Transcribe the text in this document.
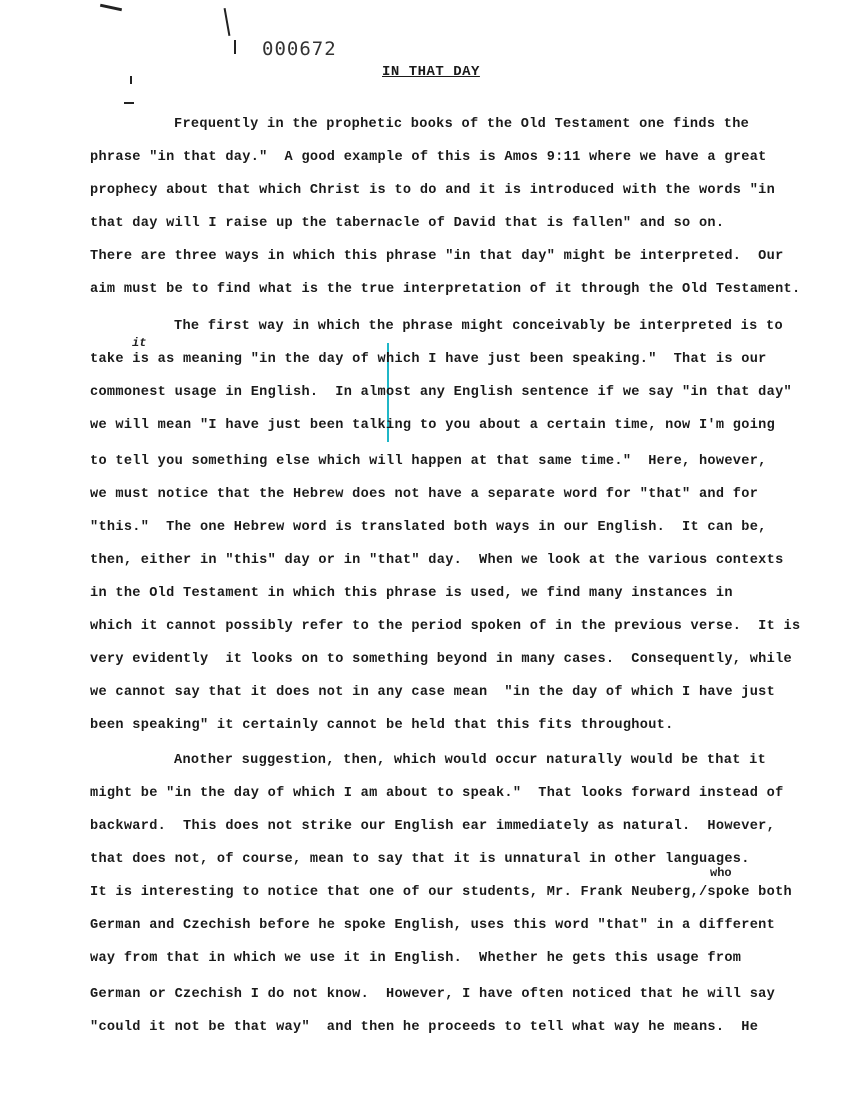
000672
IN THAT DAY
it
who
Frequently in the prophetic books of the Old Testament one finds the
phrase "in that day."  A good example of this is Amos 9:11 where we have a great
prophecy about that which Christ is to do and it is introduced with the words "in
that day will I raise up the tabernacle of David that is fallen" and so on.
There are three ways in which this phrase "in that day" might be interpreted.  Our
aim must be to find what is the true interpretation of it through the Old Testament.
The first way in which the phrase might conceivably be interpreted is to
take is as meaning "in the day of which I have just been speaking."  That is our
commonest usage in English.  In almost any English sentence if we say "in that day"
we will mean "I have just been talking to you about a certain time, now I'm going
to tell you something else which will happen at that same time."  Here, however,
we must notice that the Hebrew does not have a separate word for "that" and for
"this."  The one Hebrew word is translated both ways in our English.  It can be,
then, either in "this" day or in "that" day.  When we look at the various contexts
in the Old Testament in which this phrase is used, we find many instances in
which it cannot possibly refer to the period spoken of in the previous verse.  It is
very evidently  it looks on to something beyond in many cases.  Consequently, while
we cannot say that it does not in any case mean  "in the day of which I have just
been speaking" it certainly cannot be held that this fits throughout.
Another suggestion, then, which would occur naturally would be that it
might be "in the day of which I am about to speak."  That looks forward instead of
backward.  This does not strike our English ear immediately as natural.  However,
that does not, of course, mean to say that it is unnatural in other languages.
It is interesting to notice that one of our students, Mr. Frank Neuberg,/spoke both
German and Czechish before he spoke English, uses this word "that" in a different
way from that in which we use it in English.  Whether he gets this usage from
German or Czechish I do not know.  However, I have often noticed that he will say
"could it not be that way"  and then he proceeds to tell what way he means.  He
